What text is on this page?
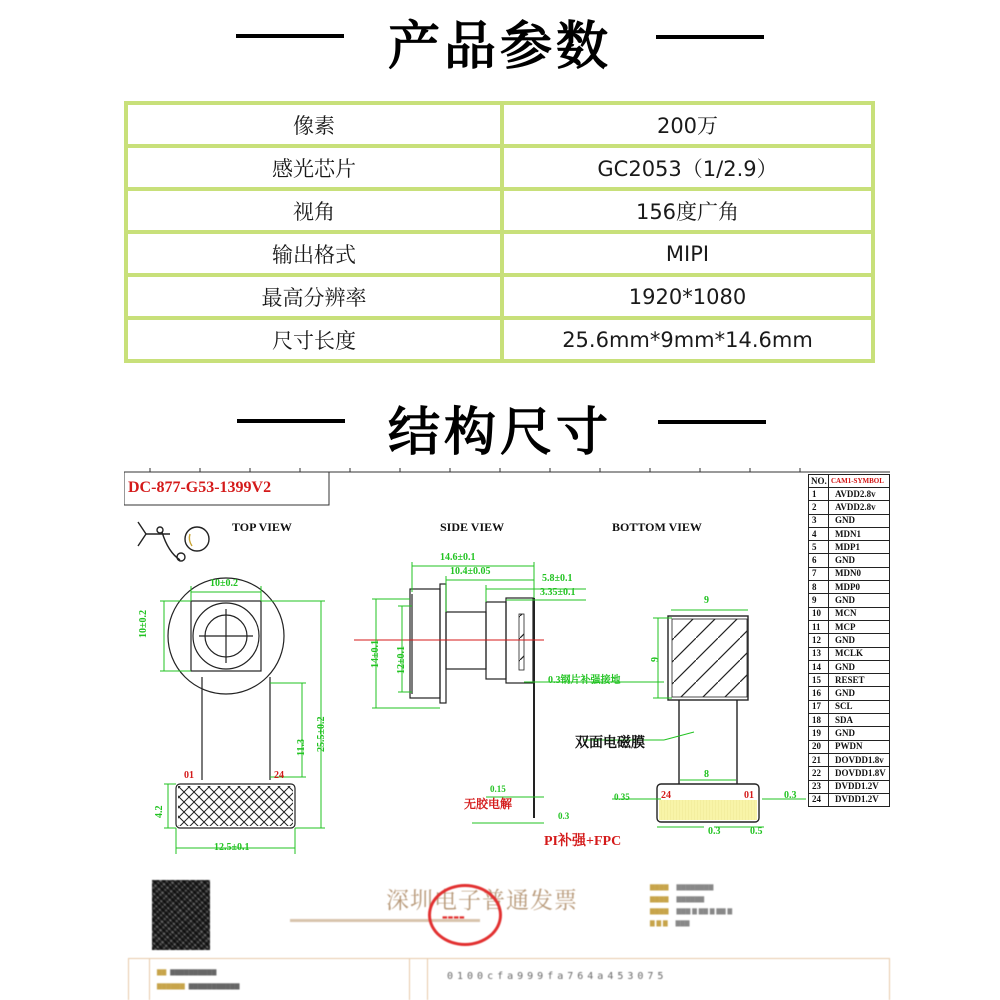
产品参数
像素	200万
感光芯片	GC2053（1/2.9）
视角	156度广角
输出格式	MIPI
最高分辨率	1920*1080
尺寸长度	25.6mm*9mm*14.6mm
结构尺寸
DC-877-G53-1399V2
TOP VIEW	SIDE VIEW	BOTTOM VIEW
10±0.2
10±0.2
25.5±0.2
11.3
4.2
12.5±0.1
01	24
14.6±0.1
10.4±0.05
5.8±0.1
3.35±0.1
14±0.1 12±0.1
0.3钢片补强接地
0.15
无胶电解
0.3
PI补强+FPC
9
9
双面电磁膜
8
0.35	0.3
0.3	0.5
24	01
NO.	CAM1-SYMBOL
1	AVDD2.8v
2	AVDD2.8v
3	GND
4	MDN1
5	MDP1
6	GND
7	MDN0
8	MDP0
9	GND
10	MCN
11	MCP
12	GND
13	MCLK
14	GND
15	RESET
16	GND
17	SCL
18	SDA
19	GND
20	PWDN
21	DOVDD1.8v
22	DOVDD1.8V
23	DVDD1.2V
24	DVDD1.2V
深圳电子普通发票
▬▬▬▬
▇▇▇▇ ▇▇▇▇▇▇▇▇
▇▇▇▇ ▇▇▇▇▇▇
▇▇▇▇ ▇▇▇ ▇ ▇▇ ▇ ▇▇ ▇
▇ ▇ ▇ ▇▇▇
▇▇ ▇▇▇▇▇▇▇▇▇▇

▇▇▇▇▇▇ ▇▇▇▇▇▇▇▇▇▇▇
0100cfa999fa764a453075
